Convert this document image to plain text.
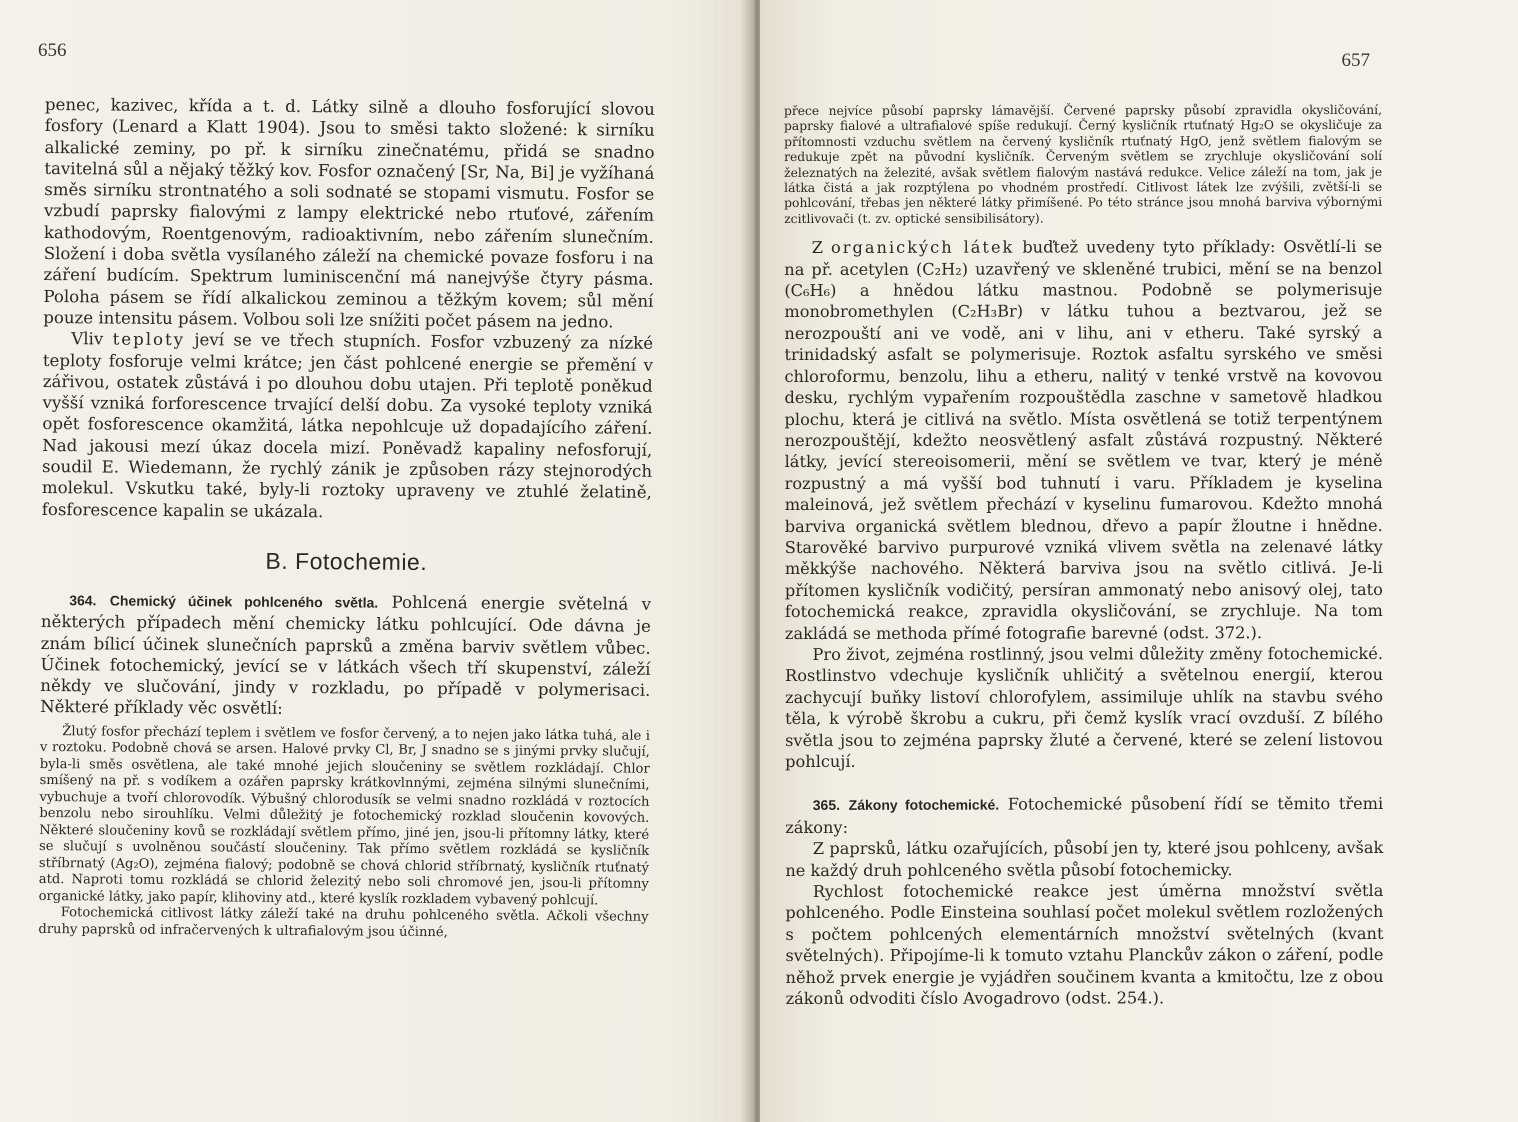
656

penec, kazivec, křída a t. d. Látky silně a dlouho fosforující slovou fosfory (Lenard a Klatt 1904). Jsou to směsi takto složené: k sirníku alkalické zeminy, po př. k sirníku zinečnatému, přidá se snadno tavitelná sůl a nějaký těžký kov. Fosfor označený [Sr, Na, Bi] je vyžíhaná směs sirníku strontnatého a soli sodnaté se stopami vismutu. Fosfor se vzbudí paprsky fialovými z lampy elektrické nebo rtuťové, zářením kathodovým, Roentgenovým, radioaktivním, nebo zářením slunečním. Složení i doba světla vysílaného záleží na chemické povaze fosforu i na záření budícím. Spektrum luminiscenční má nanejvýše čtyry pásma. Poloha pásem se řídí alkalickou zeminou a těžkým kovem; sůl mění pouze intensitu pásem. Volbou soli lze snížiti počet pásem na jedno.

Vliv teploty jeví se ve třech stupních. Fosfor vzbuzený za nízké teploty fosforuje velmi krátce; jen část pohlcené energie se přemění v zářivou, ostatek zůstává i po dlouhou dobu utajen. Při teplotě poněkud vyšší vzniká forforescence trvající delší dobu. Za vysoké teploty vzniká opět fosforescence okamžitá, látka nepohlcuje už dopadajícího záření. Nad jakousi mezí úkaz docela mizí. Poněvadž kapaliny nefosforují, soudil E. Wiedemann, že rychlý zánik je způsoben rázy stejnorodých molekul. Vskutku také, byly-li roztoky upraveny ve ztuhlé želatině, fosforescence kapalin se ukázala.

B. Fotochemie.

364. Chemický účinek pohlceného světla. Pohlcená energie světelná v některých případech mění chemicky látku pohlcující. Ode dávna je znám bílicí účinek slunečních paprsků a změna barviv světlem vůbec. Účinek fotochemický, jevící se v látkách všech tří skupenství, záleží někdy ve slučování, jindy v rozkladu, po případě v polymerisaci. Některé příklady věc osvětlí:

Žlutý fosfor přechází teplem i světlem ve fosfor červený, a to nejen jako látka tuhá, ale i v roztoku. Podobně chová se arsen. Halové prvky Cl, Br, J snadno se s jinými prvky slučují, byla-li směs osvětlena, ale také mnohé jejich sloučeniny se světlem rozkládají. Chlor smíšený na př. s vodíkem a ozářen paprsky krátkovlnnými, zejména silnými slunečními, vybuchuje a tvoří chlorovodík. Výbušný chlorodusík se velmi snadno rozkládá v roztocích benzolu nebo sirouhlíku. Velmi důležitý je fotochemický rozklad sloučenin kovových. Některé sloučeniny kovů se rozkládají světlem přímo, jiné jen, jsou-li přítomny látky, které se slučují s uvolněnou součástí sloučeniny. Tak přímo světlem rozkládá se kysličník stříbrnatý (Ag₂O), zejména fialový; podobně se chová chlorid stříbrnatý, kysličník rtuťnatý atd. Naproti tomu rozkládá se chlorid železitý nebo soli chromové jen, jsou-li přítomny organické látky, jako papír, klihoviny atd., které kyslík rozkladem vybavený pohlcují.

Fotochemická citlivost látky záleží také na druhu pohlceného světla. Ačkoli všechny druhy paprsků od infračervených k ultrafialovým jsou účinné,

657

přece nejvíce působí paprsky lámavější. Červené paprsky působí zpravidla okysličování, paprsky fialové a ultrafialové spíše redukují. Černý kysličník rtuťnatý Hg₂O se okysličuje za přítomnosti vzduchu světlem na červený kysličník rtuťnatý HgO, jenž světlem fialovým se redukuje zpět na původní kysličník. Červeným světlem se zrychluje okysličování solí železnatých na železité, avšak světlem fialovým nastává redukce. Velice záleží na tom, jak je látka čistá a jak rozptýlena po vhodném prostředí. Citlivost látek lze zvýšili, zvětší-li se pohlcování, třebas jen některé látky přimíšené. Po této stránce jsou mnohá barviva výbornými zcitlivovači (t. zv. optické sensibilisátory).

Z organických látek buďtež uvedeny tyto příklady: Osvětlí-li se na př. acetylen (C₂H₂) uzavřený ve skleněné trubici, mění se na benzol (C₆H₆) a hnědou látku mastnou. Podobně se polymerisuje monobromethylen (C₂H₃Br) v látku tuhou a beztvarou, jež se nerozpouští ani ve vodě, ani v lihu, ani v etheru. Také syrský a trinidadský asfalt se polymerisuje. Roztok asfaltu syrského ve směsi chloroformu, benzolu, lihu a etheru, nalitý v tenké vrstvě na kovovou desku, rychlým vypařením rozpouštědla zaschne v sametově hladkou plochu, která je citlivá na světlo. Místa osvětlená se totiž terpentýnem nerozpouštějí, kdežto neosvětlený asfalt zůstává rozpustný. Některé látky, jevící stereoisomerii, mění se světlem ve tvar, který je méně rozpustný a má vyšší bod tuhnutí i varu. Příkladem je kyselina maleinová, jež světlem přechází v kyselinu fumarovou. Kdežto mnohá barviva organická světlem blednou, dřevo a papír žloutne i hnědne. Starověké barvivo purpurové vzniká vlivem světla na zelenavé látky měkkýše nachového. Některá barviva jsou na světlo citlivá. Je-li přítomen kysličník vodičitý, persíran ammonatý nebo anisový olej, tato fotochemická reakce, zpravidla okysličování, se zrychluje. Na tom zakládá se methoda přímé fotografie barevné (odst. 372.).

Pro život, zejména rostlinný, jsou velmi důležity změny fotochemické. Rostlinstvo vdechuje kysličník uhličitý a světelnou energií, kterou zachycují buňky listoví chlorofylem, assimiluje uhlík na stavbu svého těla, k výrobě škrobu a cukru, při čemž kyslík vrací ovzduší. Z bílého světla jsou to zejména paprsky žluté a červené, které se zelení listovou pohlcují.

365. Zákony fotochemické. Fotochemické působení řídí se těmito třemi zákony:

Z paprsků, látku ozařujících, působí jen ty, které jsou pohlceny, avšak ne každý druh pohlceného světla působí fotochemicky.

Rychlost fotochemické reakce jest úměrna množství světla pohlceného. Podle Einsteina souhlasí počet molekul světlem rozložených s počtem pohlcených elementárních množství světelných (kvant světelných). Připojíme-li k tomuto vztahu Planckův zákon o záření, podle něhož prvek energie je vyjádřen součinem kvanta a kmitočtu, lze z obou zákonů odvoditi číslo Avogadrovo (odst. 254.).
